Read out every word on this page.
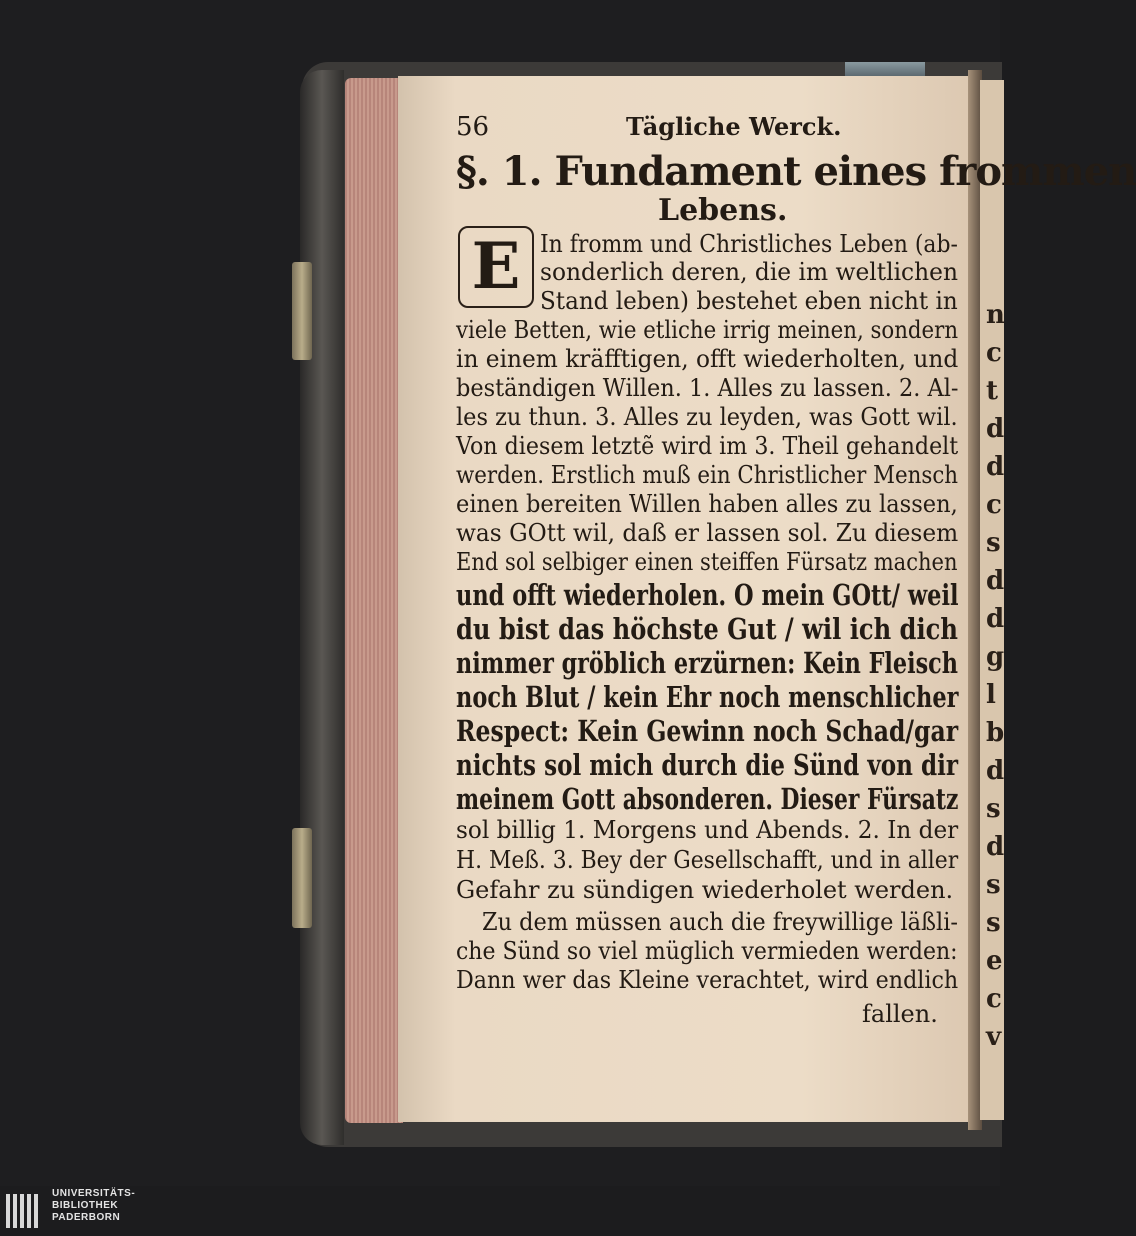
56	Tägliche Werck.
§. 1. Fundament eines frommen
Lebens.
E In fromm und Christliches Leben (ab-
sonderlich deren, die im weltlichen
Stand leben) bestehet eben nicht in
viele Betten, wie etliche irrig meinen, sondern
in einem kräfftigen, offt wiederholten, und
beständigen Willen. 1. Alles zu lassen. 2. Al-
les zu thun. 3. Alles zu leyden, was Gott wil.
Von diesem letztẽ wird im 3. Theil gehandelt
werden. Erstlich muß ein Christlicher Mensch
einen bereiten Willen haben alles zu lassen,
was GOtt wil, daß er lassen sol. Zu diesem
End sol selbiger einen steiffen Fürsatz machen
und offt wiederholen. O mein GOtt/ weil
du bist das höchste Gut / wil ich dich
nimmer gröblich erzürnen: Kein Fleisch
noch Blut / kein Ehr noch menschlicher
Respect: Kein Gewinn noch Schad/gar
nichts sol mich durch die Sünd von dir
meinem Gott absonderen. Dieser Fürsatz
sol billig 1. Morgens und Abends. 2. In der
H. Meß. 3. Bey der Gesellschafft, und in aller
Gefahr zu sündigen wiederholet werden.
Zu dem müssen auch die freywillige läßli-
che Sünd so viel müglich vermieden werden:
Dann wer das Kleine verachtet, wird endlich
fallen.
n
c
t
d
d
c
s
d
d
g
l
b
d
s
d
s
s
e
c
v
UNIVERSITÄTS-
BIBLIOTHEK
PADERBORN
